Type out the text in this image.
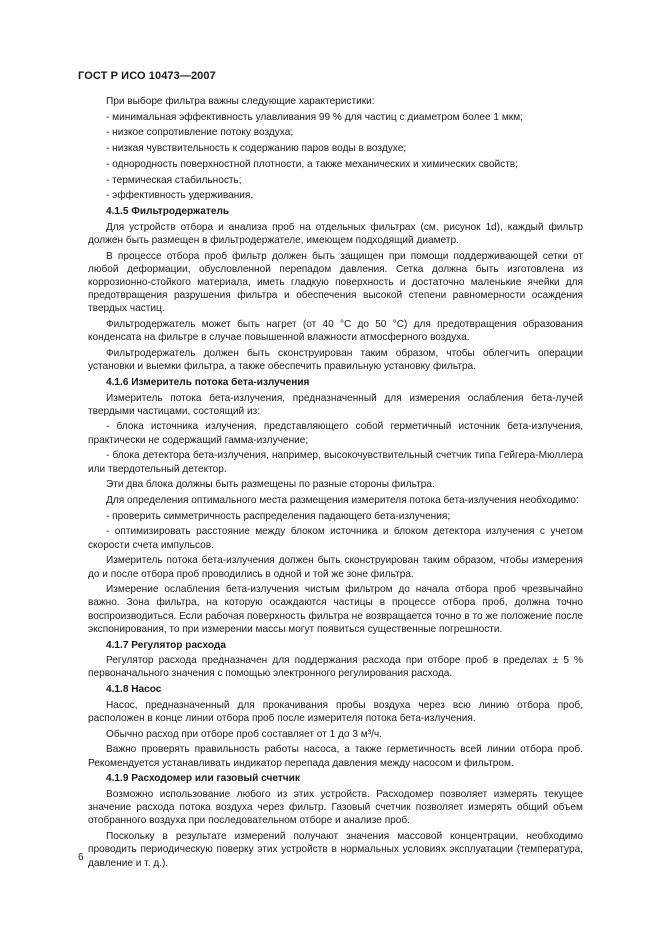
ГОСТ Р ИСО 10473—2007

При выборе фильтра важны следующие характеристики:

- минимальная эффективность улавливания 99 % для частиц с диаметром более 1 мкм;

- низкое сопротивление потоку воздуха;

- низкая чувствительность к содержанию паров воды в воздухе;

- однородность поверхностной плотности, а также механических и химических свойств;

- термическая стабильность;

- эффективность удерживания.

4.1.5 Фильтродержатель

Для устройств отбора и анализа проб на отдельных фильтрах (см. рисунок 1d), каждый фильтр должен быть размещен в фильтродержателе, имеющем подходящий диаметр.

В процессе отбора проб фильтр должен быть защищен при помощи поддерживающей сетки от любой деформации, обусловленной перепадом давления. Сетка должна быть изготовлена из коррозионно-стойкого материала, иметь гладкую поверхность и достаточно маленькие ячейки для предотвращения разрушения фильтра и обеспечения высокой степени равномерности осаждения твердых частиц.

Фильтродержатель может быть нагрет (от 40 °С до 50 °С) для предотвращения образования конденсата на фильтре в случае повышенной влажности атмосферного воздуха.

Фильтродержатель должен быть сконструирован таким образом, чтобы облегчить операции установки и выемки фильтра, а также обеспечить правильную установку фильтра.

4.1.6 Измеритель потока бета-излучения

Измеритель потока бета-излучения, предназначенный для измерения ослабления бета-лучей твердыми частицами, состоящий из:

- блока источника излучения, представляющего собой герметичный источник бета-излучения, практически не содержащий гамма-излучение;

- блока детектора бета-излучения, например, высокочувствительный счетчик типа Гейгера-Мюллера или твердотельный детектор.

Эти два блока должны быть размещены по разные стороны фильтра.

Для определения оптимального места размещения измерителя потока бета-излучения необходимо:

- проверить симметричность распределения падающего бета-излучения;

- оптимизировать расстояние между блоком источника и блоком детектора излучения с учетом скорости счета импульсов.

Измеритель потока бета-излучения должен быть сконструирован таким образом, чтобы измерения до и после отбора проб проводились в одной и той же зоне фильтра.

Измерение ослабления бета-излучения чистым фильтром до начала отбора проб чрезвычайно важно. Зона фильтра, на которую осаждаются частицы в процессе отбора проб, должна точно воспроизводиться. Если рабочая поверхность фильтра не возвращается точно в то же положение после экспонирования, то при измерении массы могут появиться существенные погрешности.

4.1.7 Регулятор расхода

Регулятор расхода предназначен для поддержания расхода при отборе проб в пределах ± 5 % первоначального значения с помощью электронного регулирования расхода.

4.1.8 Насос

Насос, предназначенный для прокачивания пробы воздуха через всю линию отбора проб, расположен в конце линии отбора проб после измерителя потока бета-излучения.

Обычно расход при отборе проб составляет от 1 до 3 м³/ч.

Важно проверять правильность работы насоса, а также герметичность всей линии отбора проб. Рекомендуется устанавливать индикатор перепада давления между насосом и фильтром.

4.1.9 Расходомер или газовый счетчик

Возможно использование любого из этих устройств. Расходомер позволяет измерять текущее значение расхода потока воздуха через фильтр. Газовый счетчик позволяет измерять общий объем отобранного воздуха при последовательном отборе и анализе проб.

Поскольку в результате измерений получают значения массовой концентрации, необходимо проводить периодическую поверку этих устройств в нормальных условиях эксплуатации (температура, давление и т. д.).

6
